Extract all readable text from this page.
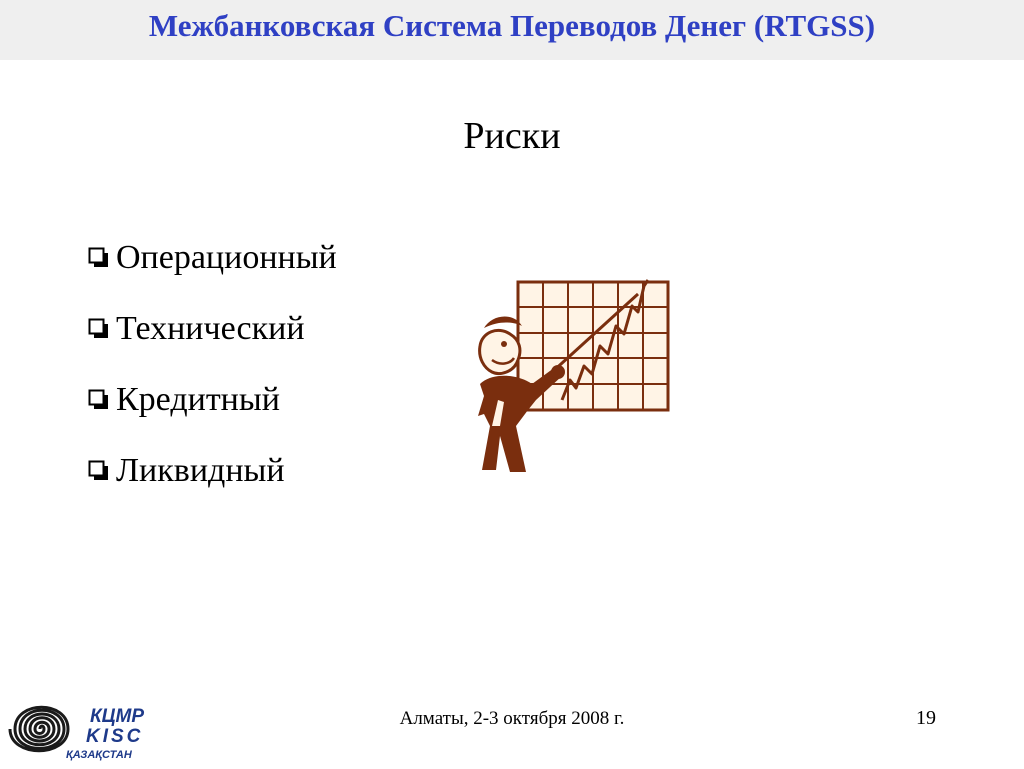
Межбанковская Система Переводов Денег (RTGSS)
Риски
Операционный
Технический
Кредитный
Ликвидный
КЦМР
KISC
ҚАЗАҚСТАН
Алматы, 2-3 октября 2008 г.	19
